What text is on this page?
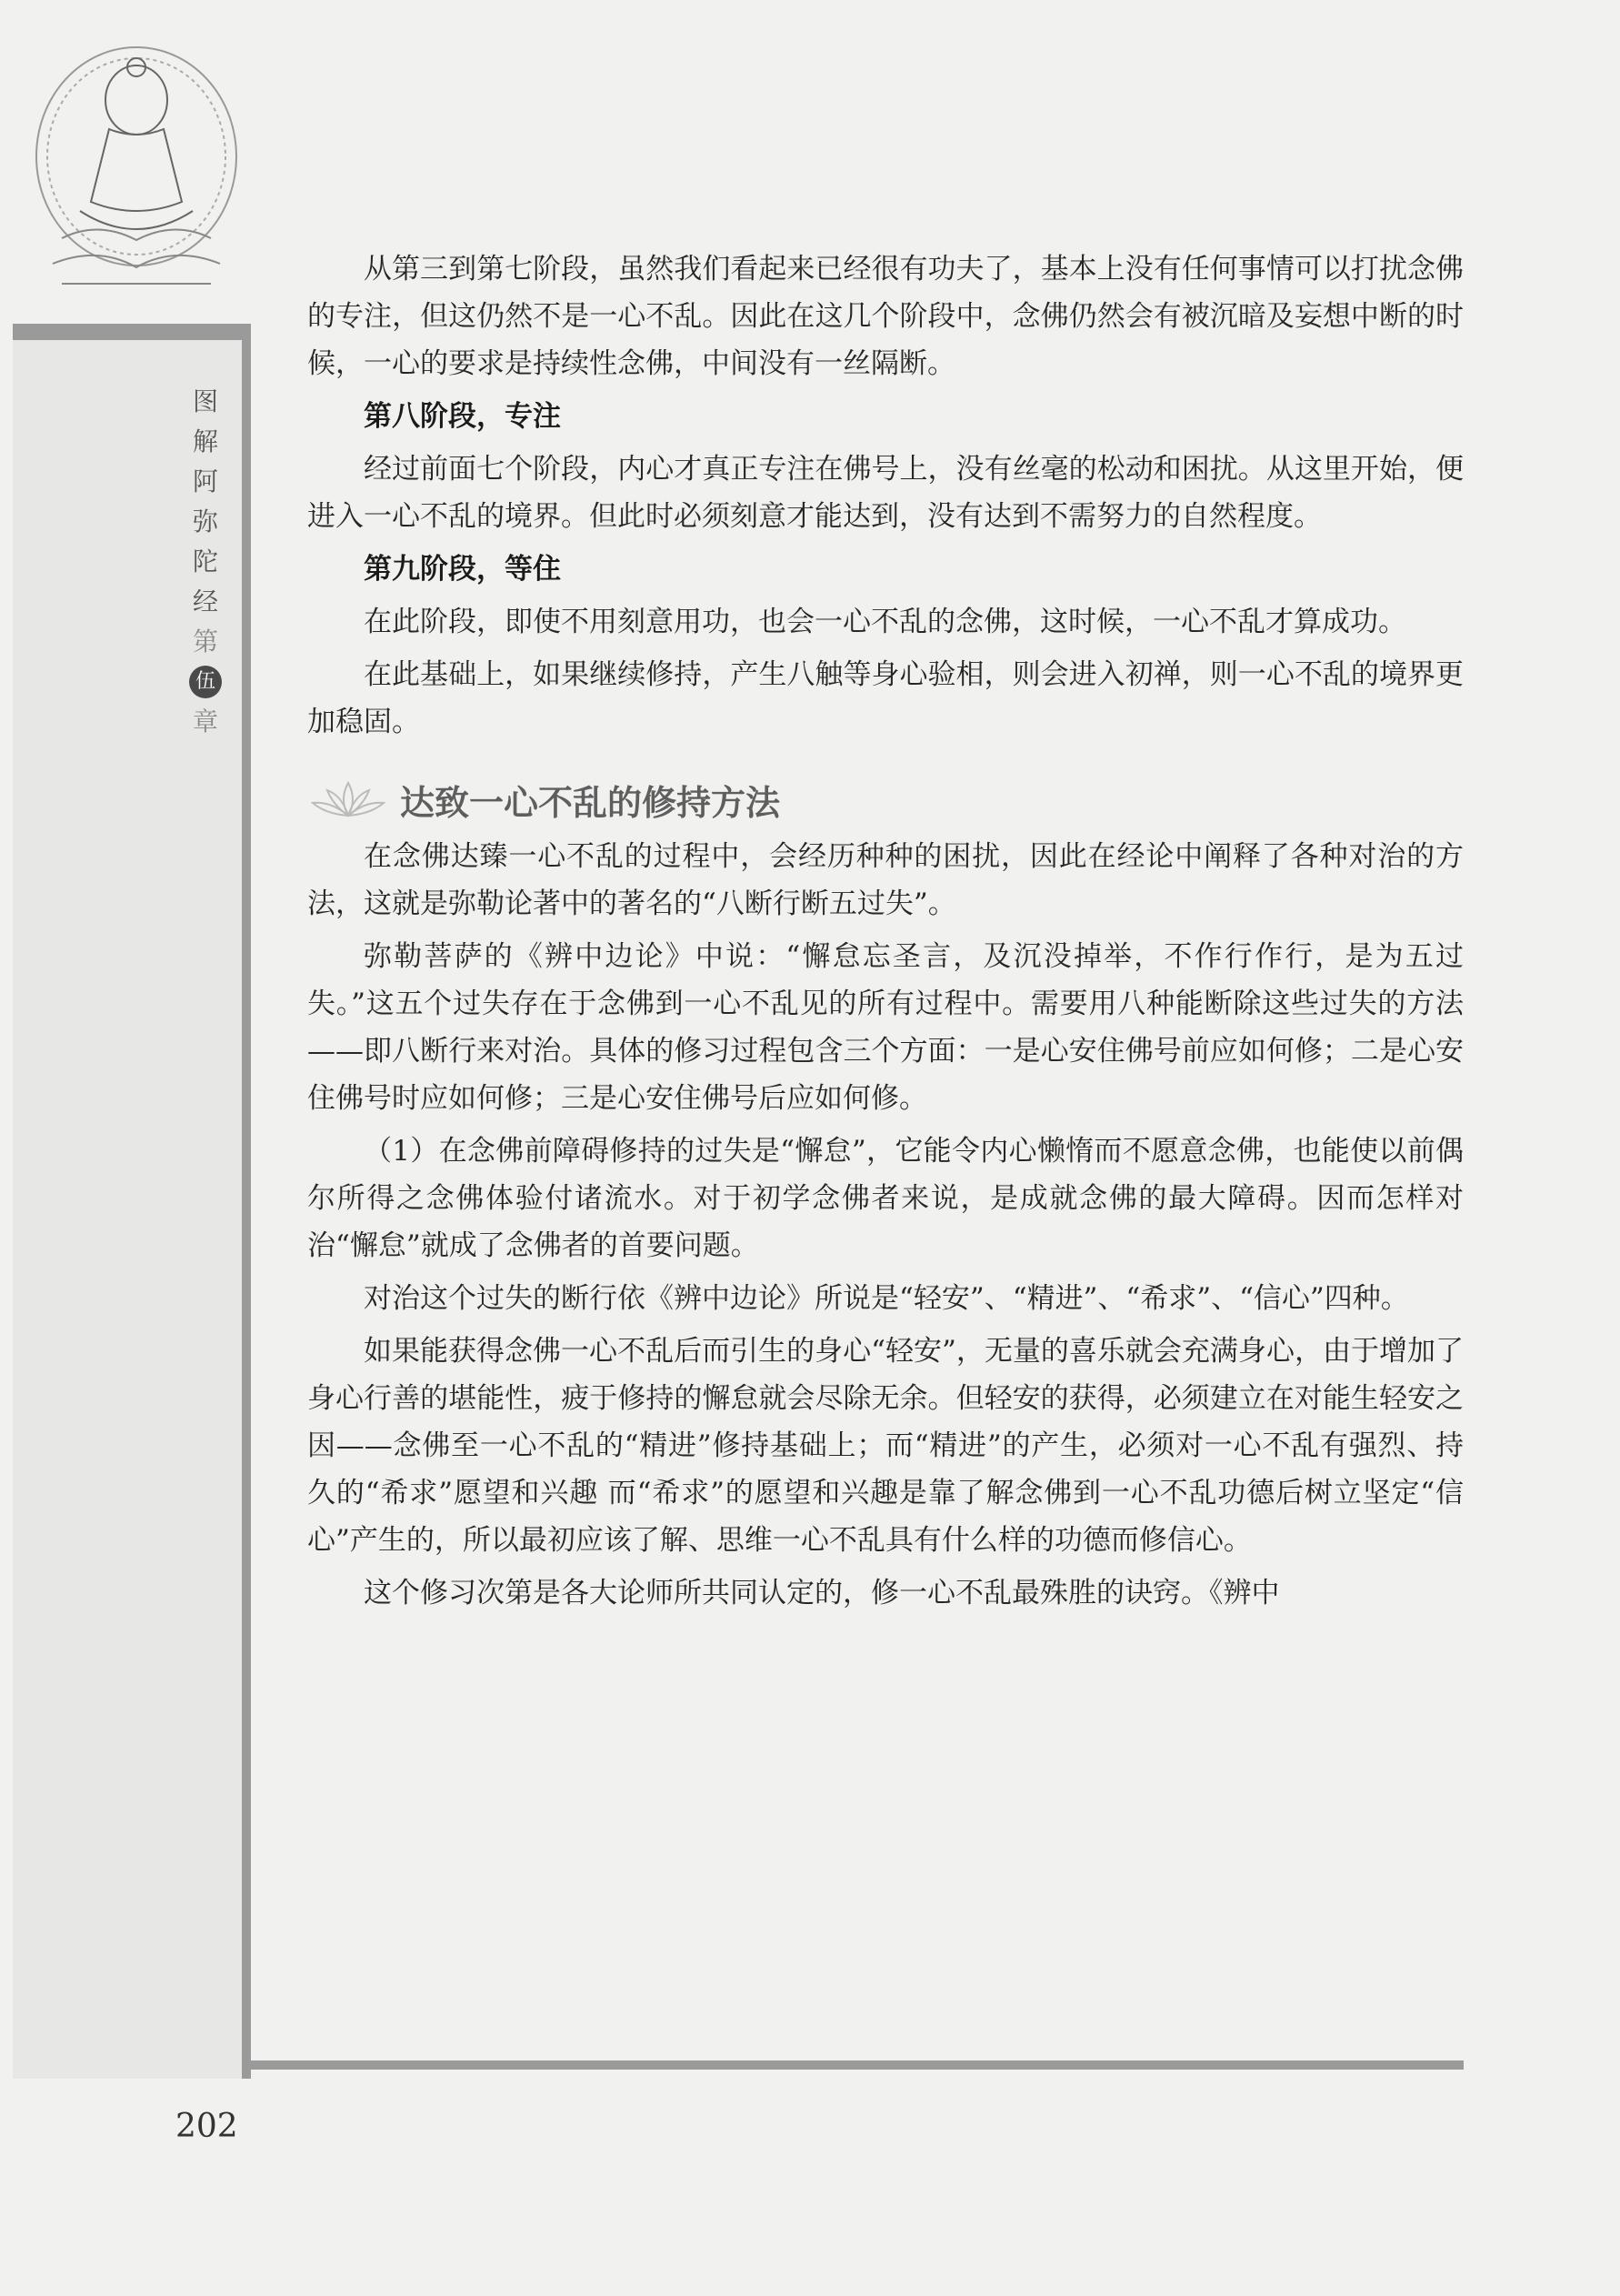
图
解
阿
弥
陀
经
第
伍
章

从第三到第七阶段，虽然我们看起来已经很有功夫了，基本上没有任何事情可以打扰念佛的专注，但这仍然不是一心不乱。因此在这几个阶段中，念佛仍然会有被沉暗及妄想中断的时候，一心的要求是持续性念佛，中间没有一丝隔断。

第八阶段，专注

经过前面七个阶段，内心才真正专注在佛号上，没有丝毫的松动和困扰。从这里开始，便进入一心不乱的境界。但此时必须刻意才能达到，没有达到不需努力的自然程度。

第九阶段，等住

在此阶段，即使不用刻意用功，也会一心不乱的念佛，这时候，一心不乱才算成功。

在此基础上，如果继续修持，产生八触等身心验相，则会进入初禅，则一心不乱的境界更加稳固。

达致一心不乱的修持方法

在念佛达臻一心不乱的过程中，会经历种种的困扰，因此在经论中阐释了各种对治的方法，这就是弥勒论著中的著名的“八断行断五过失”。

弥勒菩萨的《辨中边论》中说：“懈怠忘圣言，及沉没掉举，不作行作行，是为五过失。”这五个过失存在于念佛到一心不乱见的所有过程中。需要用八种能断除这些过失的方法——即八断行来对治。具体的修习过程包含三个方面：一是心安住佛号前应如何修；二是心安住佛号时应如何修；三是心安住佛号后应如何修。

（1）在念佛前障碍修持的过失是“懈怠”，它能令内心懒惰而不愿意念佛，也能使以前偶尔所得之念佛体验付诸流水。对于初学念佛者来说，是成就念佛的最大障碍。因而怎样对治“懈怠”就成了念佛者的首要问题。

对治这个过失的断行依《辨中边论》所说是“轻安”、“精进”、“希求”、“信心”四种。

如果能获得念佛一心不乱后而引生的身心“轻安”，无量的喜乐就会充满身心，由于增加了身心行善的堪能性，疲于修持的懈怠就会尽除无余。但轻安的获得，必须建立在对能生轻安之因——念佛至一心不乱的“精进”修持基础上；而“精进”的产生，必须对一心不乱有强烈、持久的“希求”愿望和兴趣 而“希求”的愿望和兴趣是靠了解念佛到一心不乱功德后树立坚定“信心”产生的，所以最初应该了解、思维一心不乱具有什么样的功德而修信心。

这个修习次第是各大论师所共同认定的，修一心不乱最殊胜的诀窍。《辨中

202
